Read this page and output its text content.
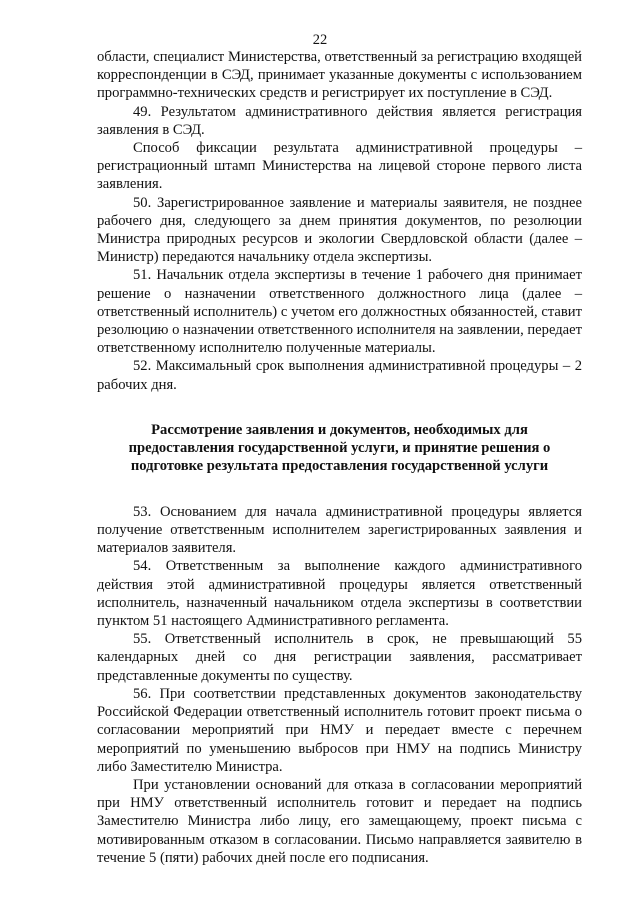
22

области, специалист Министерства, ответственный за регистрацию входящей корреспонденции в СЭД, принимает указанные документы с использованием программно-технических средств и регистрирует их поступление в СЭД.

49. Результатом административного действия является регистрация заявления в СЭД.

Способ фиксации результата административной процедуры – регистрационный штамп Министерства на лицевой стороне первого листа заявления.

50. Зарегистрированное заявление и материалы заявителя, не позднее рабочего дня, следующего за днем принятия документов, по резолюции Министра природных ресурсов и экологии Свердловской области (далее – Министр) передаются начальнику отдела экспертизы.

51. Начальник отдела экспертизы в течение 1 рабочего дня принимает решение о назначении ответственного должностного лица (далее – ответственный исполнитель) с учетом его должностных обязанностей, ставит резолюцию о назначении ответственного исполнителя на заявлении, передает ответственному исполнителю полученные материалы.

52. Максимальный срок выполнения административной процедуры – 2 рабочих дня.

Рассмотрение заявления и документов, необходимых для предоставления государственной услуги, и принятие решения о подготовке результата предоставления государственной услуги

53. Основанием для начала административной процедуры является получение ответственным исполнителем зарегистрированных заявления и материалов заявителя.

54. Ответственным за выполнение каждого административного действия этой административной процедуры является ответственный исполнитель, назначенный начальником отдела экспертизы в соответствии пунктом 51 настоящего Административного регламента.

55. Ответственный исполнитель в срок, не превышающий 55 календарных дней со дня регистрации заявления, рассматривает представленные документы по существу.

56. При соответствии представленных документов законодательству Российской Федерации ответственный исполнитель готовит проект письма о согласовании мероприятий при НМУ и передает вместе с перечнем мероприятий по уменьшению выбросов при НМУ на подпись Министру либо Заместителю Министра.

При установлении оснований для отказа в согласовании мероприятий при НМУ ответственный исполнитель готовит и передает на подпись Заместителю Министра либо лицу, его замещающему, проект письма с мотивированным отказом в согласовании. Письмо направляется заявителю в течение 5 (пяти) рабочих дней после его подписания.
